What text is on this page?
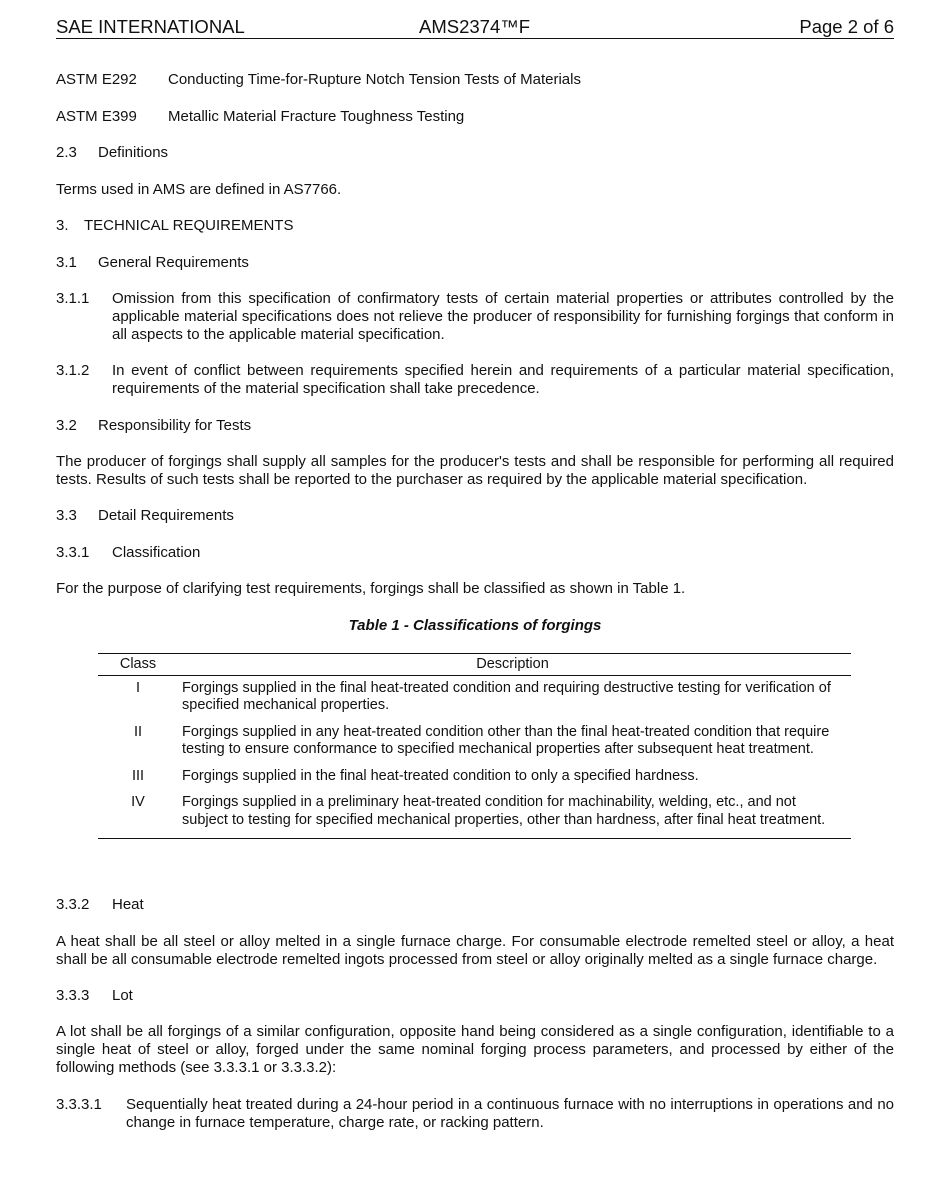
SAE INTERNATIONAL	AMS2374™F	Page 2 of 6
ASTM E292 Conducting Time-for-Rupture Notch Tension Tests of Materials
ASTM E399 Metallic Material Fracture Toughness Testing
2.3 Definitions
Terms used in AMS are defined in AS7766.
3. TECHNICAL REQUIREMENTS
3.1 General Requirements
3.1.1 Omission from this specification of confirmatory tests of certain material properties or attributes controlled by the applicable material specifications does not relieve the producer of responsibility for furnishing forgings that conform in all aspects to the applicable material specification.
3.1.2 In event of conflict between requirements specified herein and requirements of a particular material specification, requirements of the material specification shall take precedence.
3.2 Responsibility for Tests
The producer of forgings shall supply all samples for the producer's tests and shall be responsible for performing all required tests. Results of such tests shall be reported to the purchaser as required by the applicable material specification.
3.3 Detail Requirements
3.3.1 Classification
For the purpose of clarifying test requirements, forgings shall be classified as shown in Table 1.
Table 1 - Classifications of forgings
Class	Description
I	Forgings supplied in the final heat-treated condition and requiring destructive testing for verification of specified mechanical properties.
II	Forgings supplied in any heat-treated condition other than the final heat-treated condition that require testing to ensure conformance to specified mechanical properties after subsequent heat treatment.
III	Forgings supplied in the final heat-treated condition to only a specified hardness.
IV	Forgings supplied in a preliminary heat-treated condition for machinability, welding, etc., and not subject to testing for specified mechanical properties, other than hardness, after final heat treatment.
3.3.2 Heat
A heat shall be all steel or alloy melted in a single furnace charge. For consumable electrode remelted steel or alloy, a heat shall be all consumable electrode remelted ingots processed from steel or alloy originally melted as a single furnace charge.
3.3.3 Lot
A lot shall be all forgings of a similar configuration, opposite hand being considered as a single configuration, identifiable to a single heat of steel or alloy, forged under the same nominal forging process parameters, and processed by either of the following methods (see 3.3.3.1 or 3.3.3.2):
3.3.3.1 Sequentially heat treated during a 24-hour period in a continuous furnace with no interruptions in operations and no change in furnace temperature, charge rate, or racking pattern.
